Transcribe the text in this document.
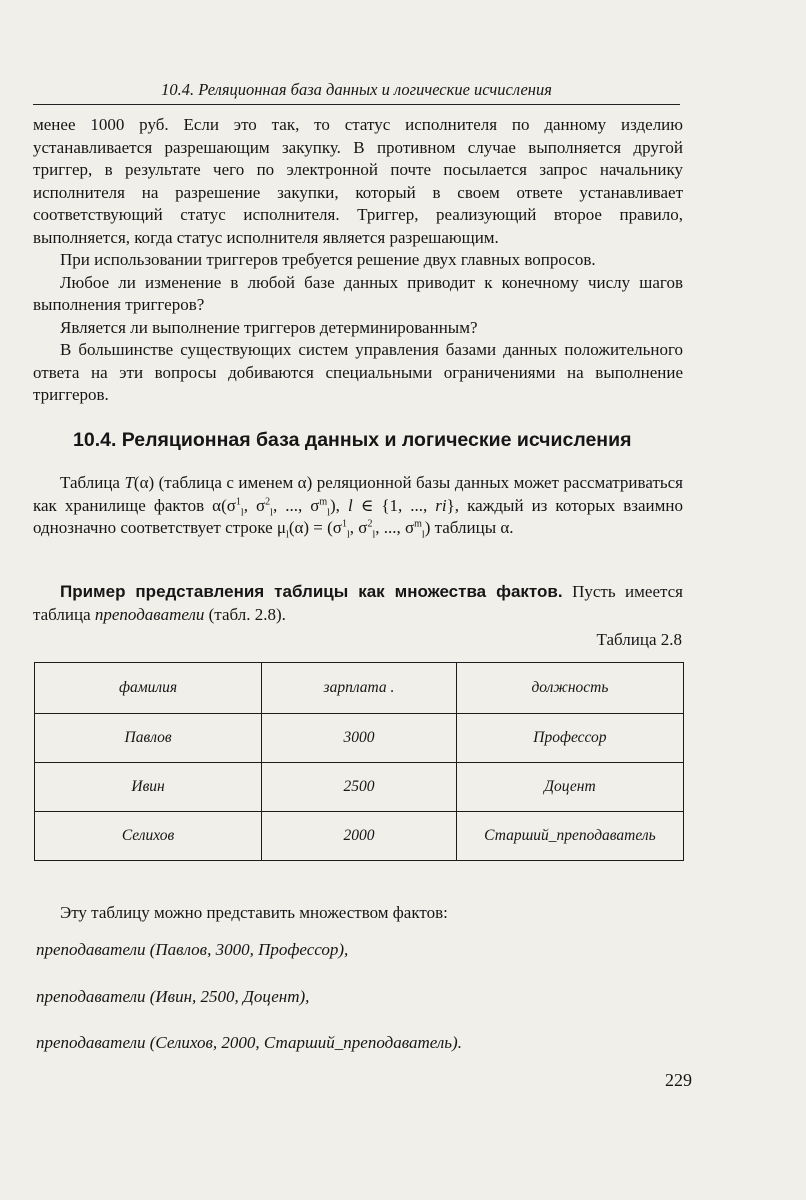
10.4. Реляционная база данных и логические исчисления

менее 1000 руб. Если это так, то статус исполнителя по данному изделию устанавливается разрешающим закупку. В противном случае выполняется другой триггер, в результате чего по электронной почте посылается запрос начальнику исполнителя на разрешение закупки, который в своем ответе устанавливает соответствующий статус исполнителя. Триггер, реализующий второе правило, выполняется, когда статус исполнителя является разрешающим.

При использовании триггеров требуется решение двух главных вопросов.

Любое ли изменение в любой базе данных приводит к конечному числу шагов выполнения триггеров?

Является ли выполнение триггеров детерминированным?

В большинстве существующих систем управления базами данных положительного ответа на эти вопросы добиваются специальными ограничениями на выполнение триггеров.

10.4. Реляционная база данных и логические исчисления

Таблица T(α) (таблица с именем α) реляционной базы данных может рассматриваться как хранилище фактов $\alpha(\sigma^1_l$, $\sigma^2_l$, ..., $\sigma^m_l$), l ∈ {1, ..., ri}, каждый из которых взаимно однозначно соответствует строке $\mu_l(\alpha) = (\sigma^1_l$, $\sigma^2_l$, ..., $\sigma^m_l$) таблицы α.

Пример представления таблицы как множества фактов. Пусть имеется таблица преподаватели (табл. 2.8).

Таблица 2.8
фамилия	зарплата .	должность
Павлов	3000	Профессор
Ивин	2500	Доцент
Селихов	2000	Старший_преподаватель

Эту таблицу можно представить множеством фактов:

преподаватели (Павлов, 3000, Профессор),

преподаватели (Ивин, 2500, Доцент),

преподаватели (Селихов, 2000, Старший_преподаватель).

229
